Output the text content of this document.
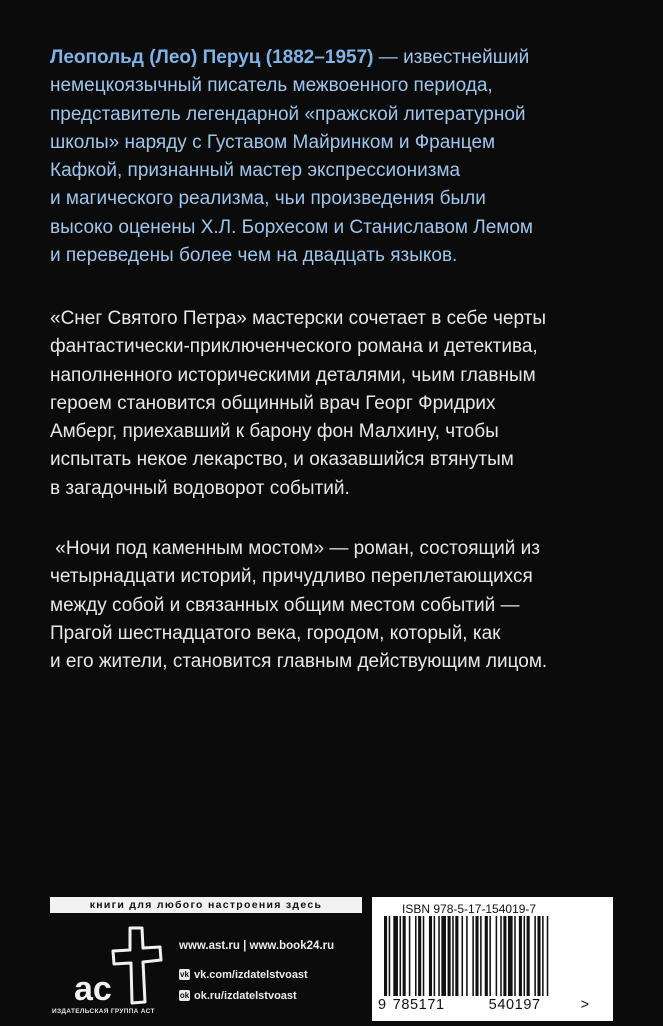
Леопольд (Лео) Перуц (1882–1957) — известнейший
немецкоязычный писатель межвоенного периода,
представитель легендарной «пражской литературной
школы» наряду с Густавом Майринком и Францем
Кафкой, признанный мастер экспрессионизма
и магического реализма, чьи произведения были
высоко оценены Х.Л. Борхесом и Станиславом Лемом
и переведены более чем на двадцать языков.
«Снег Святого Петра» мастерски сочетает в себе черты
фантастически-приключенческого романа и детектива,
наполненного историческими деталями, чьим главным
героем становится общинный врач Георг Фридрих
Амберг, приехавший к барону фон Малхину, чтобы
испытать некое лекарство, и оказавшийся втянутым
в загадочный водоворот событий.
«Ночи под каменным мостом» — роман, состоящий из
четырнадцати историй, причудливо переплетающихся
между собой и связанных общим местом событий —
Прагой шестнадцатого века, городом, который, как
и его жители, становится главным действующим лицом.
книги для любого настроения здесь
ас
ИЗДАТЕЛЬСКАЯ ГРУППА АСТ
www.ast.ru | www.book24.ru
vk vk.com/izdatelstvoast
ok ok.ru/izdatelstvoast
ISBN 978-5-17-154019-7
9 785171	540197	>
